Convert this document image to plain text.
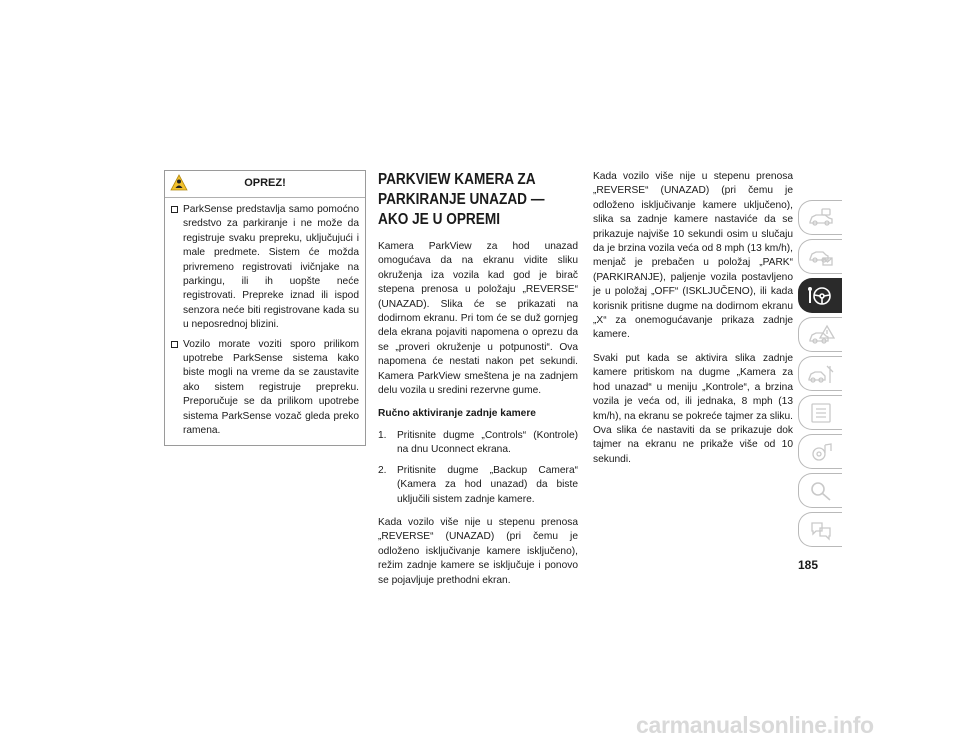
OPREZ!
ParkSense predstavlja samo pomoćno sredstvo za parkiranje i ne može da registruje svaku prepreku, uključujući i male predmete. Sistem će možda privremeno registrovati ivičnjake na parkingu, ili ih uopšte neće registrovati. Prepreke iznad ili ispod senzora neće biti registrovane kada su u neposrednoj blizini.
Vozilo morate voziti sporo prilikom upotrebe ParkSense sistema kako biste mogli na vreme da se zaustavite ako sistem registruje prepreku. Preporučuje se da prilikom upotrebe sistema ParkSense vozač gleda preko ramena.
PARKVIEW KAMERA ZA PARKIRANJE UNAZAD — AKO JE U OPREMI

Kamera ParkView za hod unazad omogućava da na ekranu vidite sliku okruženja iza vozila kad god je birač stepena prenosa u položaju „REVERSE“ (UNAZAD). Slika će se prikazati na dodirnom ekranu. Pri tom će se duž gornjeg dela ekrana pojaviti napomena o oprezu da se „proveri okruženje u potpunosti“. Ova napomena će nestati nakon pet sekundi. Kamera ParkView smeštena je na zadnjem delu vozila u sredini rezervne gume.

Ručno aktiviranje zadnje kamere

1. Pritisnite dugme „Controls“ (Kontrole) na dnu Uconnect ekrana.
2. Pritisnite dugme „Backup Camera“ (Kamera za hod unazad) da biste uključili sistem zadnje kamere.

Kada vozilo više nije u stepenu prenosa „REVERSE“ (UNAZAD) (pri čemu je odloženo isključivanje kamere isključeno), režim zadnje kamere se isključuje i ponovo se pojavljuje prethodni ekran.

Kada vozilo više nije u stepenu prenosa „REVERSE“ (UNAZAD) (pri čemu je odloženo isključivanje kamere uključeno), slika sa zadnje kamere nastaviće da se prikazuje najviše 10 sekundi osim u slučaju da je brzina vozila veća od 8 mph (13 km/h), menjač je prebačen u položaj „PARK“ (PARKIRANJE), paljenje vozila postavljeno je u položaj „OFF“ (ISKLJUČENO), ili kada korisnik pritisne dugme na dodirnom ekranu „X“ za onemogućavanje prikaza zadnje kamere.

Svaki put kada se aktivira slika zadnje kamere pritiskom na dugme „Kamera za hod unazad“ u meniju „Kontrole“, a brzina vozila je veća od, ili jednaka, 8 mph (13 km/h), na ekranu se pokreće tajmer za sliku. Ova slika će nastaviti da se prikazuje dok tajmer na ekranu ne prikaže više od 10 sekundi.

185
carmanualsonline.info
